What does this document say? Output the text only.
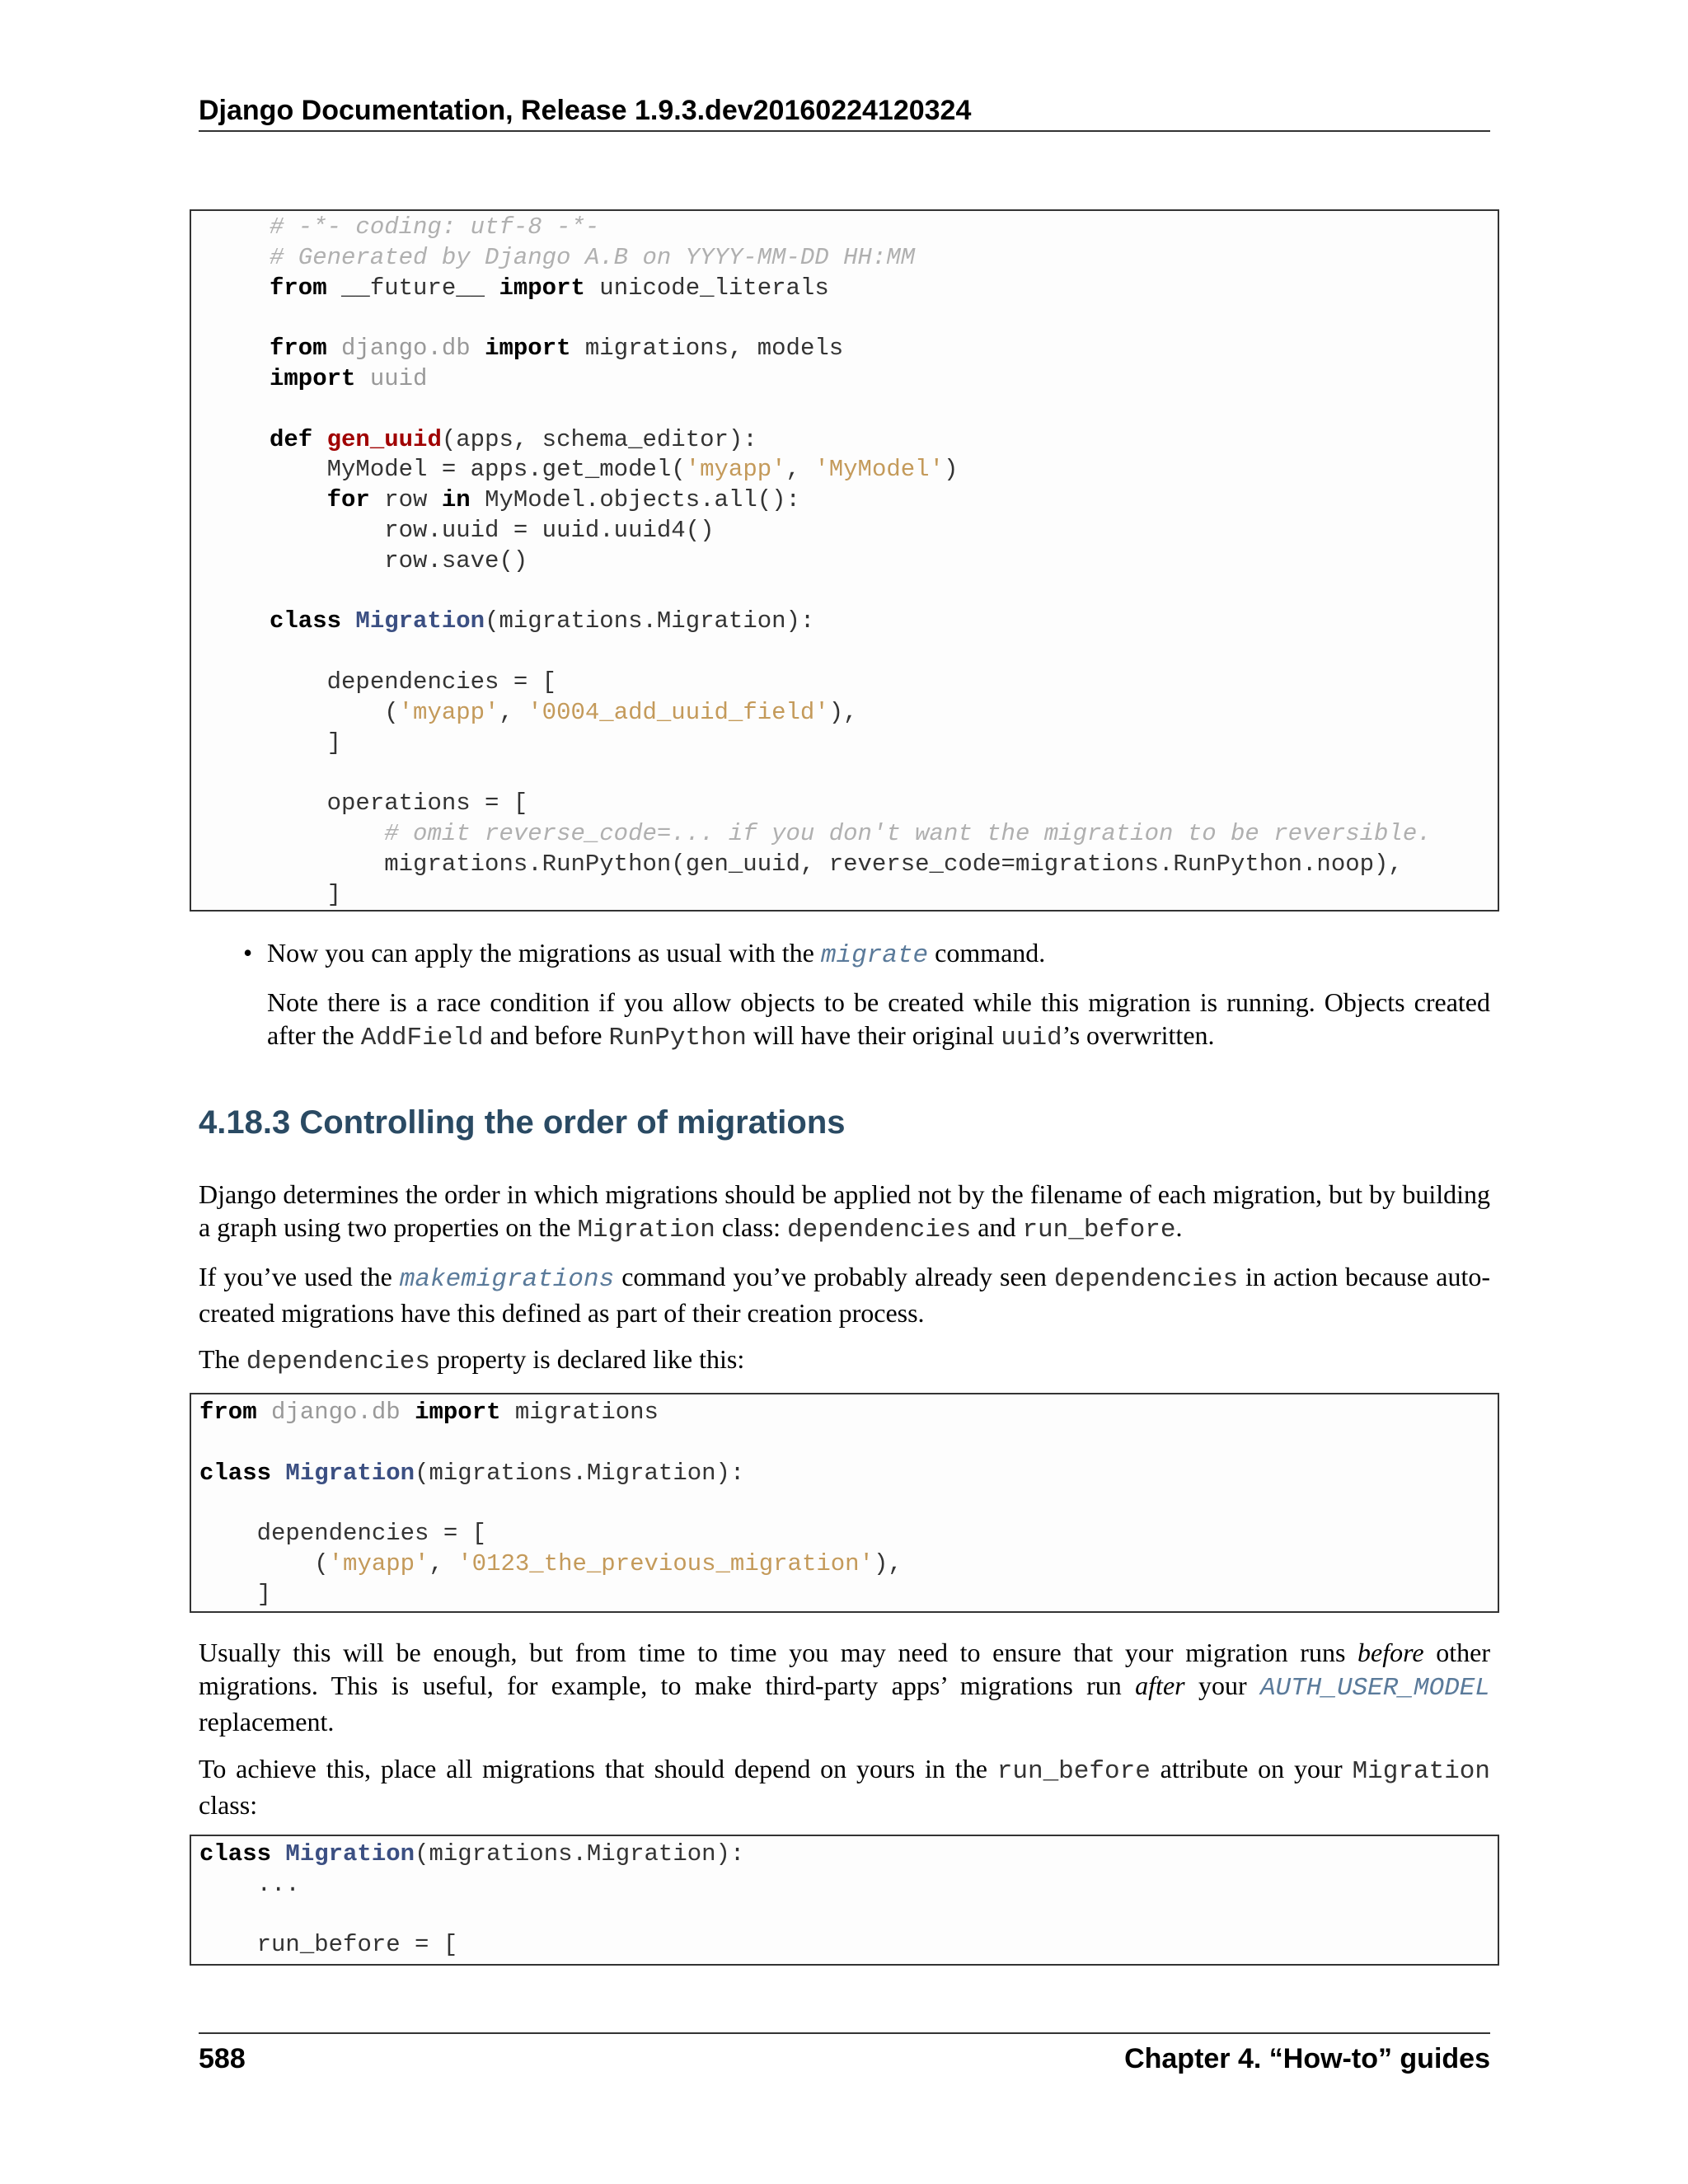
Django Documentation, Release 1.9.3.dev20160224120324
# -*- coding: utf-8 -*-
# Generated by Django A.B on YYYY-MM-DD HH:MM
from __future__ import unicode_literals

from django.db import migrations, models
import uuid

def gen_uuid(apps, schema_editor):
MyModel = apps.get_model('myapp', 'MyModel')
for row in MyModel.objects.all():
row.uuid = uuid.uuid4()
row.save()

class Migration(migrations.Migration):

dependencies = [
('myapp', '0004_add_uuid_field'),
]

operations = [
# omit reverse_code=... if you don't want the migration to be reversible.
migrations.RunPython(gen_uuid, reverse_code=migrations.RunPython.noop),
]
• Now you can apply the migrations as usual with the migrate command.

Note there is a race condition if you allow objects to be created while this migration is running. Objects created after the AddField and before RunPython will have their original uuid’s overwritten.

4.18.3 Controlling the order of migrations

Django determines the order in which migrations should be applied not by the filename of each migration, but by building a graph using two properties on the Migration class: dependencies and run_before.

If you’ve used the makemigrations command you’ve probably already seen dependencies in action because auto-created migrations have this defined as part of their creation process.

The dependencies property is declared like this:

from django.db import migrations

class Migration(migrations.Migration):

dependencies = [
('myapp', '0123_the_previous_migration'),
]

Usually this will be enough, but from time to time you may need to ensure that your migration runs before other migrations. This is useful, for example, to make third-party apps’ migrations run after your AUTH_USER_MODEL replacement.

To achieve this, place all migrations that should depend on yours in the run_before attribute on your Migration class:

class Migration(migrations.Migration):
...

run_before = [
588	Chapter 4. “How-to” guides
